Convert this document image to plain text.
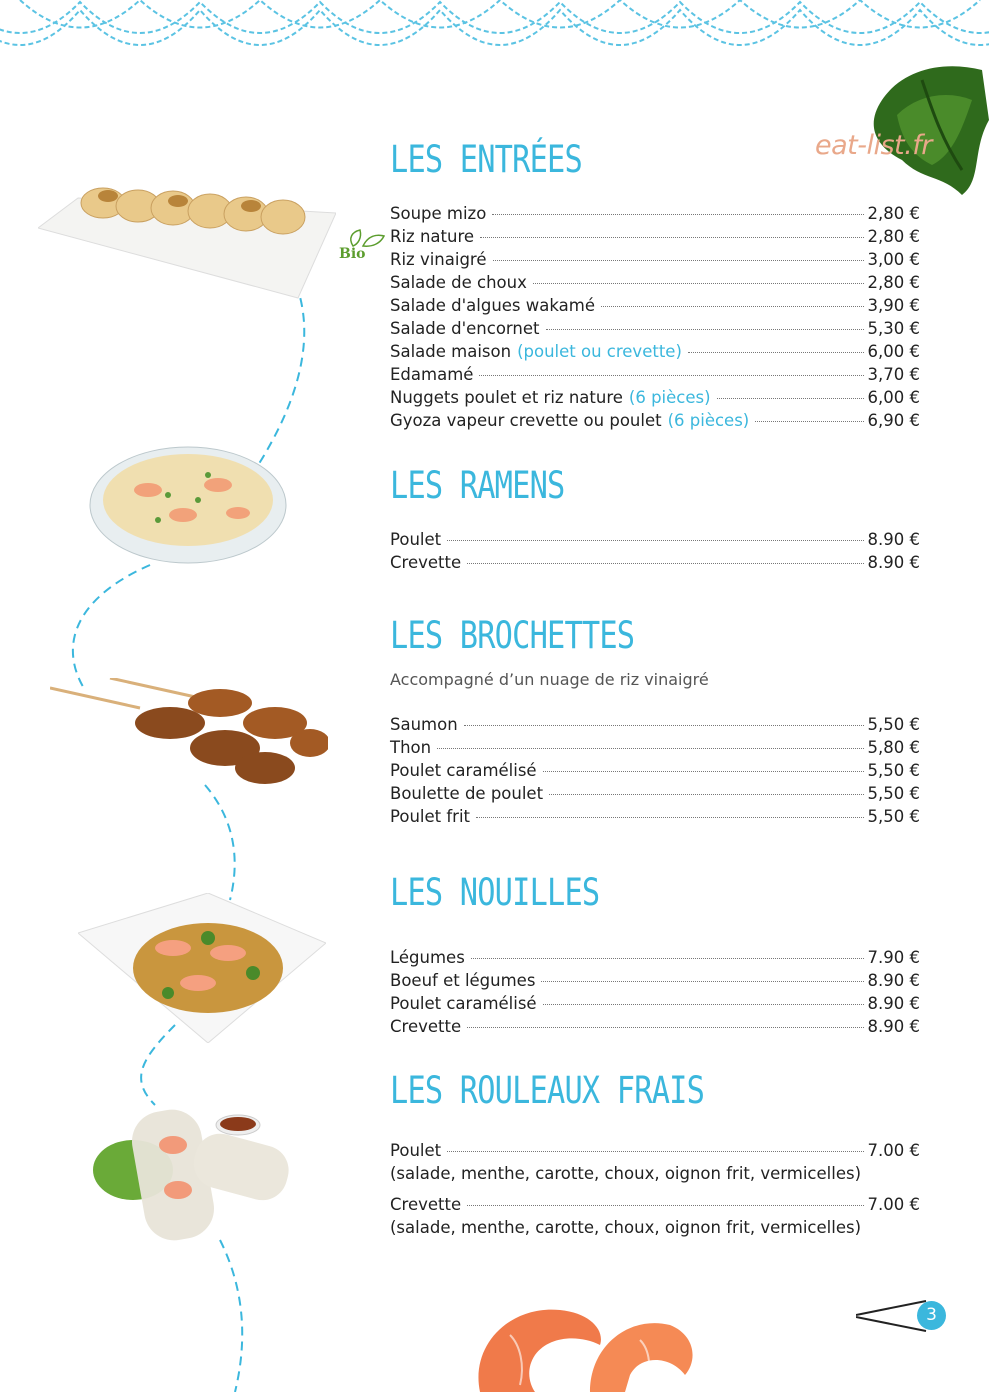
eat-list.fr
Bio
LES ENTRÉES
Soupe mizo	2,80 €
Riz nature	2,80 €
Riz vinaigré	3,00 €
Salade de choux	2,80 €
Salade d'algues wakamé	3,90 €
Salade d'encornet	5,30 €
Salade maison (poulet ou crevette)	6,00 €
Edamamé	3,70 €
Nuggets poulet et riz nature (6 pièces)	6,00 €
Gyoza vapeur crevette ou poulet (6 pièces)	6,90 €
LES RAMENS
Poulet	8.90 €
Crevette	8.90 €
LES BROCHETTES
Accompagné d’un nuage de riz vinaigré
Saumon	5,50 €
Thon	5,80 €
Poulet caramélisé	5,50 €
Boulette de poulet	5,50 €
Poulet frit	5,50 €
LES NOUILLES
Légumes	7.90 €
Boeuf et légumes	8.90 €
Poulet caramélisé	8.90 €
Crevette	8.90 €
LES ROULEAUX FRAIS
Poulet	7.00 €
(salade, menthe, carotte, choux, oignon frit, vermicelles)
Crevette	7.00 €
(salade, menthe, carotte, choux, oignon frit, vermicelles)
3
